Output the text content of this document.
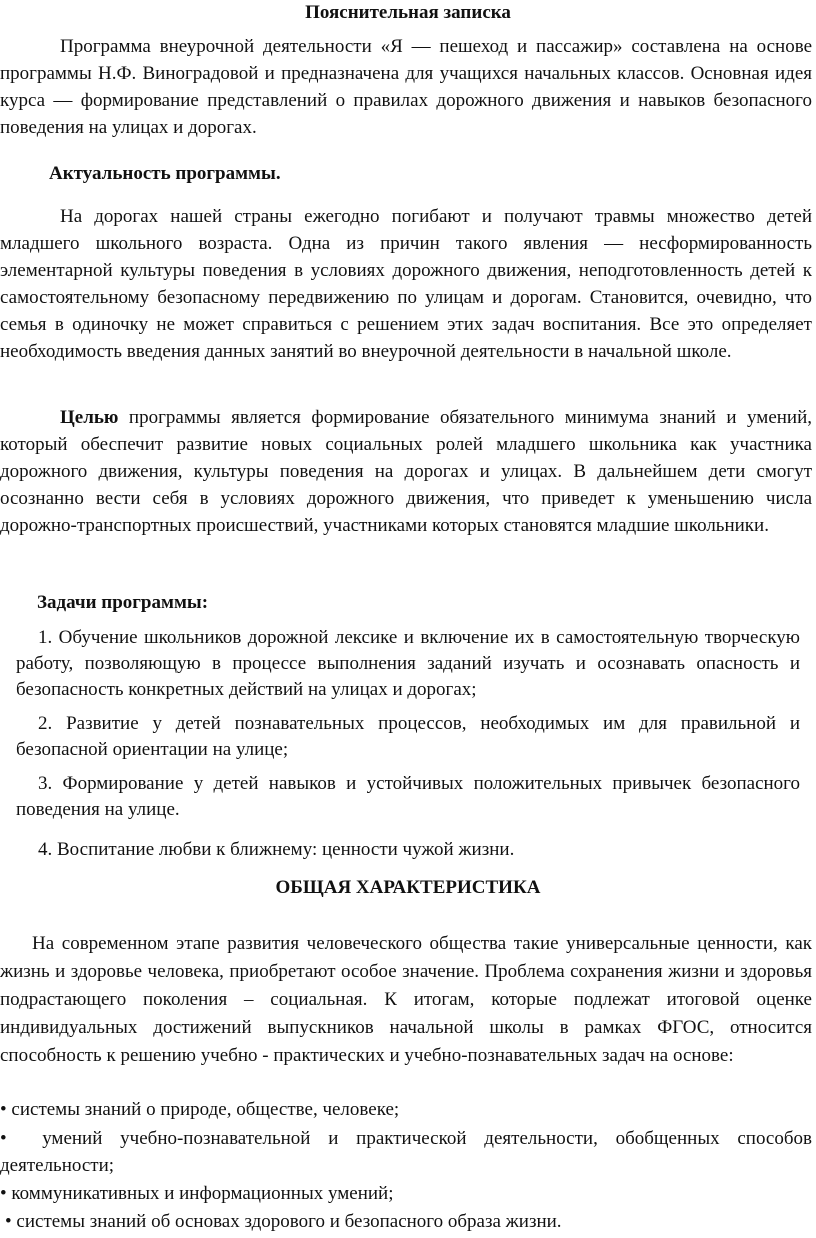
Пояснительная записка

Программа внеурочной деятельности «Я — пешеход и пассажир» составлена на основе программы Н.Ф. Виноградовой и предназначена для учащихся начальных классов. Основная идея курса — формирование представлений о правилах дорожного движения и навыков безопасного поведения на улицах и дорогах.

Актуальность программы.

На дорогах нашей страны ежегодно погибают и получают травмы множество детей младшего школьного возраста. Одна из причин такого явления — несформированность элементарной культуры поведения в условиях дорожного движения, неподготовленность детей к самостоятельному безопасному передвижению по улицам и дорогам. Становится, очевидно, что семья в одиночку не может справиться с решением этих задач воспитания. Все это определяет необходимость введения данных занятий во внеурочной деятельности в начальной школе.

Целью программы является формирование обязательного минимума знаний и умений, который обеспечит развитие новых социальных ролей младшего школьника как участника дорожного движения, культуры поведения на дорогах и улицах. В дальнейшем дети смогут осознанно вести себя в условиях дорожного движения, что приведет к уменьшению числа дорожно-транспортных происшествий, участниками которых становятся младшие школьники.

Задачи программы:

1. Обучение школьников дорожной лексике и включение их в самостоятельную творческую работу, позволяющую в процессе выполнения заданий изучать и осознавать опасность и безопасность конкретных действий на улицах и дорогах;

2. Развитие у детей познавательных процессов, необходимых им для правильной и безопасной ориентации на улице;

3. Формирование у детей навыков и устойчивых положительных привычек безопасного поведения на улице.

4. Воспитание любви к ближнему: ценности чужой жизни.

ОБЩАЯ ХАРАКТЕРИСТИКА

На современном этапе развития человеческого общества такие универсальные ценности, как жизнь и здоровье человека, приобретают особое значение. Проблема сохранения жизни и здоровья подрастающего поколения – социальная. К итогам, которые подлежат итоговой оценке индивидуальных достижений выпускников начальной школы в рамках ФГОС, относится способность к решению учебно - практических и учебно-познавательных задач на основе:

• системы знаний о природе, обществе, человеке;

• умений учебно-познавательной и практической деятельности, обобщенных способов деятельности;

• коммуникативных и информационных умений;

• системы знаний об основах здорового и безопасного образа жизни.
